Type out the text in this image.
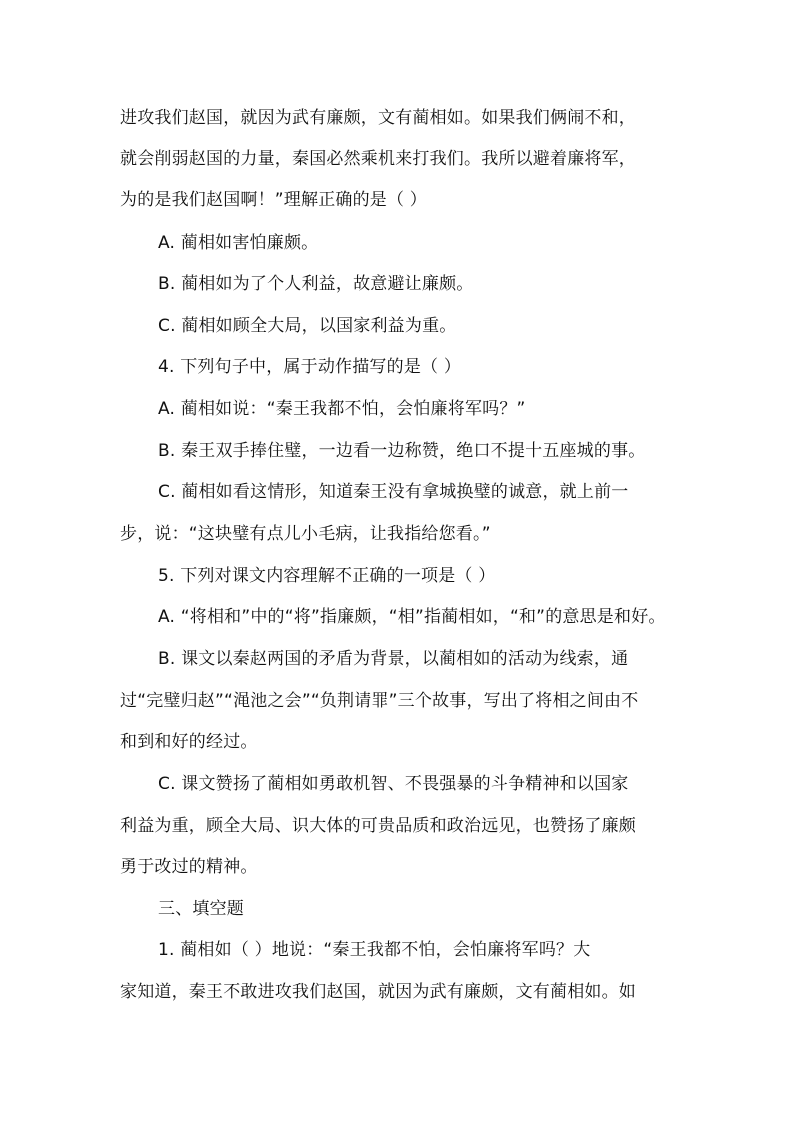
进攻我们赵国，就因为武有廉颇，文有蔺相如。如果我们俩闹不和，
就会削弱赵国的力量，秦国必然乘机来打我们。我所以避着廉将军，
为的是我们赵国啊！”理解正确的是（ ）
A. 蔺相如害怕廉颇。
B. 蔺相如为了个人利益，故意避让廉颇。
C. 蔺相如顾全大局，以国家利益为重。
4. 下列句子中，属于动作描写的是（ ）
A. 蔺相如说：“秦王我都不怕，会怕廉将军吗？”
B. 秦王双手捧住璧，一边看一边称赞，绝口不提十五座城的事。
C. 蔺相如看这情形，知道秦王没有拿城换璧的诚意，就上前一
步，说：“这块璧有点儿小毛病，让我指给您看。”
5. 下列对课文内容理解不正确的一项是（ ）
A. “将相和”中的“将”指廉颇，“相”指蔺相如，“和”的意思是和好。
B. 课文以秦赵两国的矛盾为背景，以蔺相如的活动为线索，通
过“完璧归赵”“渑池之会”“负荆请罪”三个故事，写出了将相之间由不
和到和好的经过。
C. 课文赞扬了蔺相如勇敢机智、不畏强暴的斗争精神和以国家
利益为重，顾全大局、识大体的可贵品质和政治远见，也赞扬了廉颇
勇于改过的精神。
三、填空题
1. 蔺相如（ ）地说：“秦王我都不怕，会怕廉将军吗？大
家知道，秦王不敢进攻我们赵国，就因为武有廉颇，文有蔺相如。如
